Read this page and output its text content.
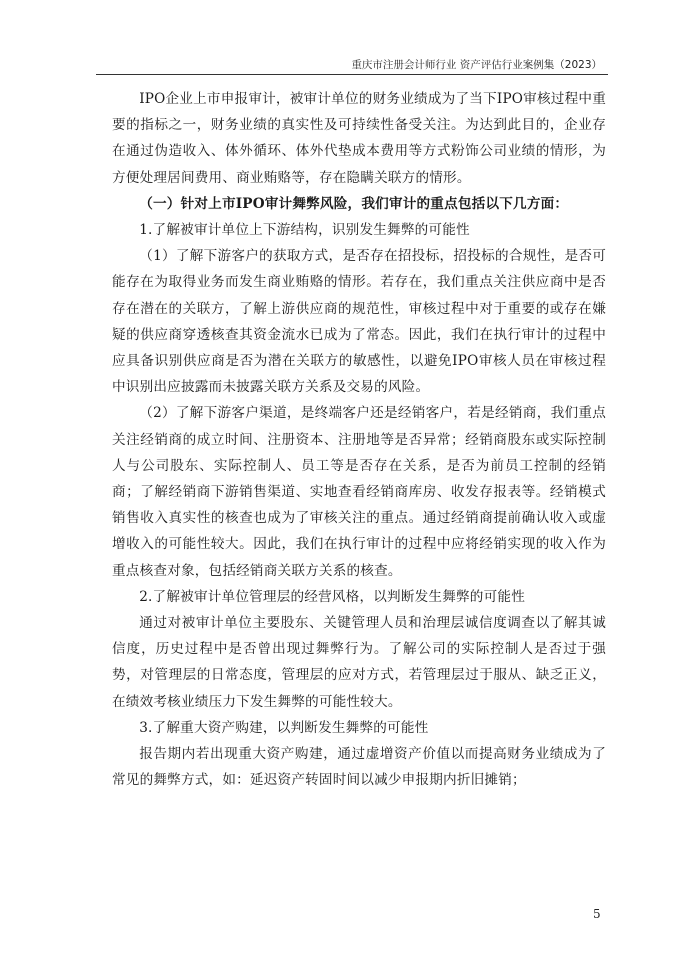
重庆市注册会计师行业 资产评估行业案例集（2023）

IPO企业上市申报审计，被审计单位的财务业绩成为了当下IPO审核过程中重要的指标之一，财务业绩的真实性及可持续性备受关注。为达到此目的，企业存在通过伪造收入、体外循环、体外代垫成本费用等方式粉饰公司业绩的情形，为方便处理居间费用、商业贿赂等，存在隐瞒关联方的情形。

（一）针对上市IPO审计舞弊风险，我们审计的重点包括以下几方面：

1.了解被审计单位上下游结构，识别发生舞弊的可能性

（1）了解下游客户的获取方式，是否存在招投标，招投标的合规性，是否可能存在为取得业务而发生商业贿赂的情形。若存在，我们重点关注供应商中是否存在潜在的关联方，了解上游供应商的规范性，审核过程中对于重要的或存在嫌疑的供应商穿透核查其资金流水已成为了常态。因此，我们在执行审计的过程中应具备识别供应商是否为潜在关联方的敏感性，以避免IPO审核人员在审核过程中识别出应披露而未披露关联方关系及交易的风险。

（2）了解下游客户渠道，是终端客户还是经销客户，若是经销商，我们重点关注经销商的成立时间、注册资本、注册地等是否异常；经销商股东或实际控制人与公司股东、实际控制人、员工等是否存在关系，是否为前员工控制的经销商；了解经销商下游销售渠道、实地查看经销商库房、收发存报表等。经销模式销售收入真实性的核查也成为了审核关注的重点。通过经销商提前确认收入或虚增收入的可能性较大。因此，我们在执行审计的过程中应将经销实现的收入作为重点核查对象，包括经销商关联方关系的核查。

2.了解被审计单位管理层的经营风格，以判断发生舞弊的可能性

通过对被审计单位主要股东、关键管理人员和治理层诚信度调查以了解其诚信度，历史过程中是否曾出现过舞弊行为。了解公司的实际控制人是否过于强势，对管理层的日常态度，管理层的应对方式，若管理层过于服从、缺乏正义，在绩效考核业绩压力下发生舞弊的可能性较大。

3.了解重大资产购建，以判断发生舞弊的可能性

报告期内若出现重大资产购建，通过虚增资产价值以而提高财务业绩成为了常见的舞弊方式，如：延迟资产转固时间以减少申报期内折旧摊销；

5
